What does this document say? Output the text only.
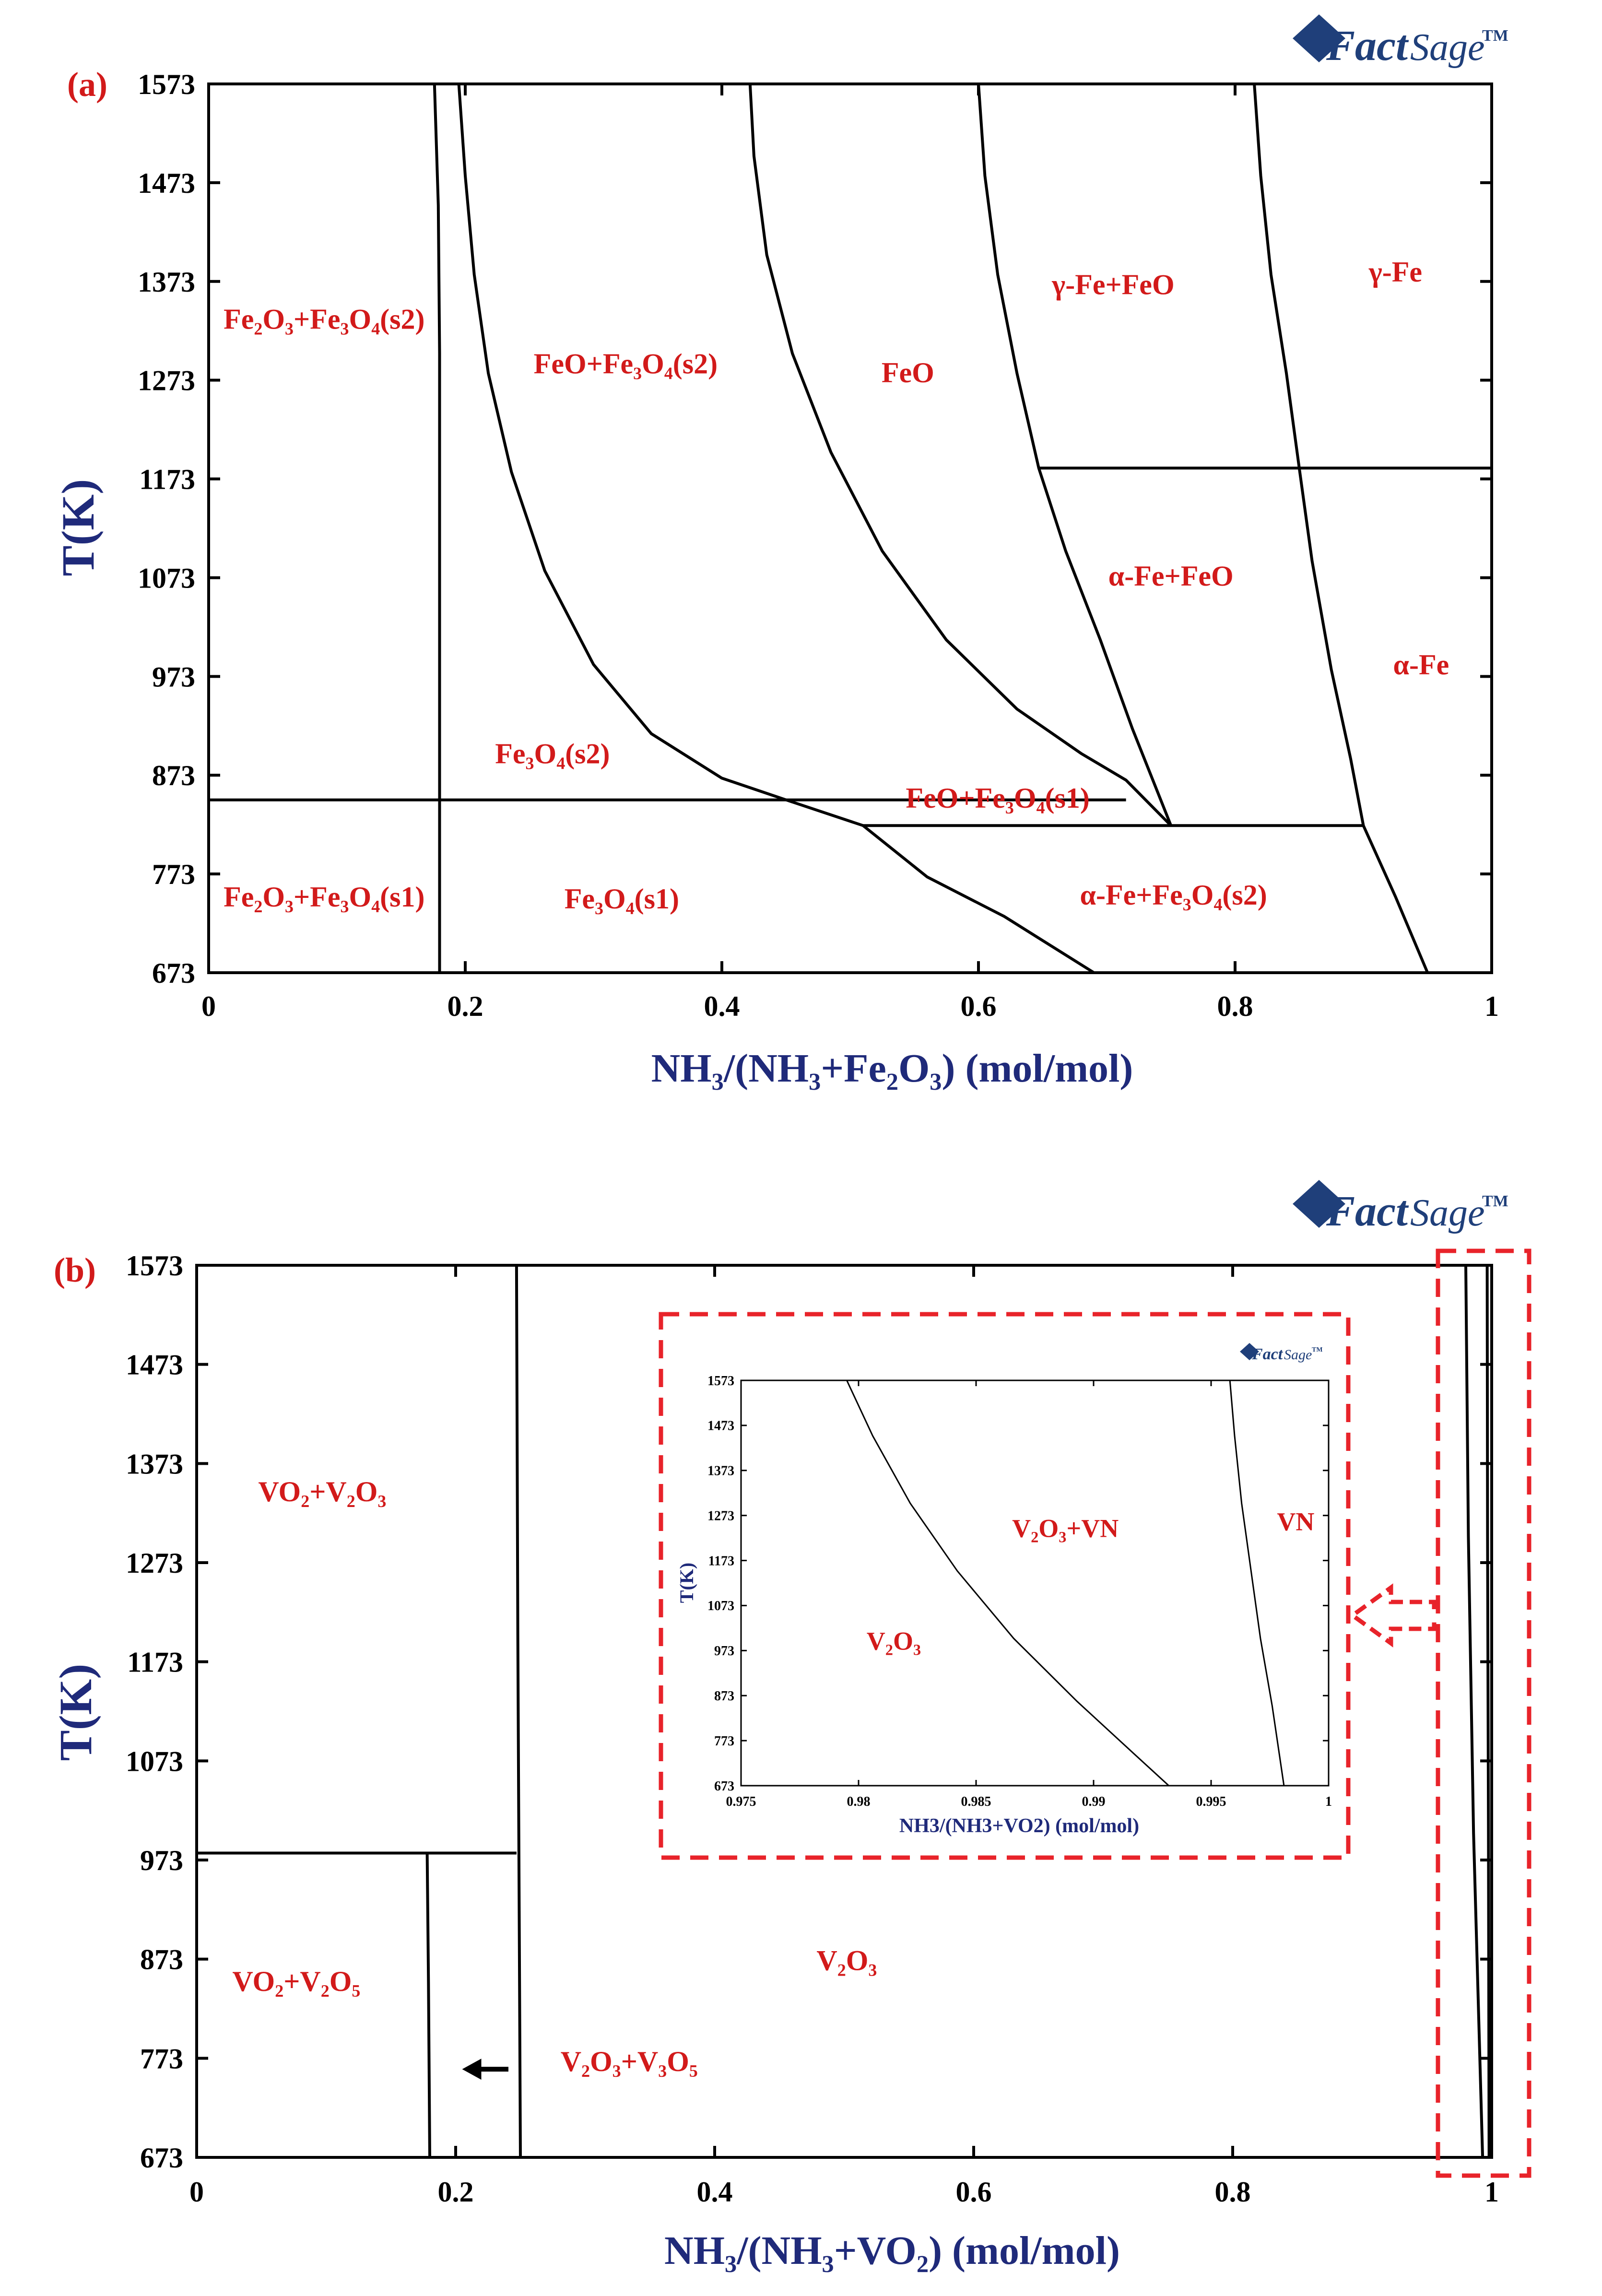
Fact Sage
TM
(a)
673
773
873
973
1073
1173
1273
1373
1473
1573
0	0.2	0.4	0.6	0.8	1
Fe₂O₃+Fe₃O₄(s2)
FeO+Fe₃O₄(s2)	FeO
γ-Fe+FeO	γ-Fe
α-Fe+FeO
α-Fe
Fe₃O₄(s2)
FeO+Fe₃O₄(s1)
Fe₂O₃+Fe₃O₄(s1)	Fe₃O₄(s1)	α-Fe+Fe₃O₄(s2)
T(K)
NH₃/(NH₃+Fe₂O₃) (mol/mol)
Fact Sage
TM
(b)
673
773
873
973
1073
1173
1273
1373
1473
1573
0	0.2	0.4	0.6	0.8	1
VO₂+V₂O₃
VO₂+V₂O₅
V₂O₃
V₂O₃+V₃O₅
Fact Sage TM
673
773
873
973
1073
1173
1273
1373
1473
1573
0.975	0.98	0.985	0.99	0.995	1
V₂O₃
V₂O₃+VN	VN
T(K)
NH3/(NH3+VO2) (mol/mol)
T(K)
NH₃/(NH₃+VO₂) (mol/mol)
